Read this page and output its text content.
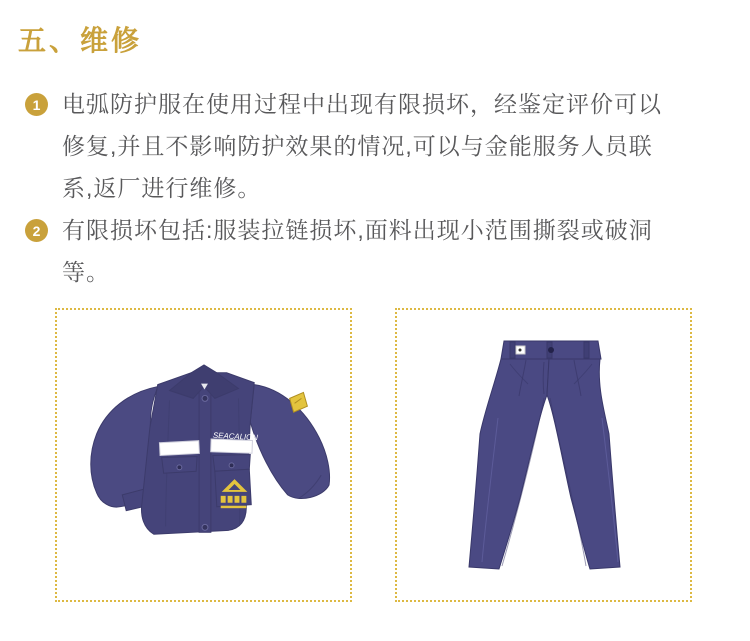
五、维修
1 电弧防护服在使用过程中出现有限损坏，经鉴定评价可以
修复,并且不影响防护效果的情况,可以与金能服务人员联
系,返厂进行维修。
2 有限损坏包括:服装拉链损坏,面料出现小范围撕裂或破洞
等。
SEACALION
